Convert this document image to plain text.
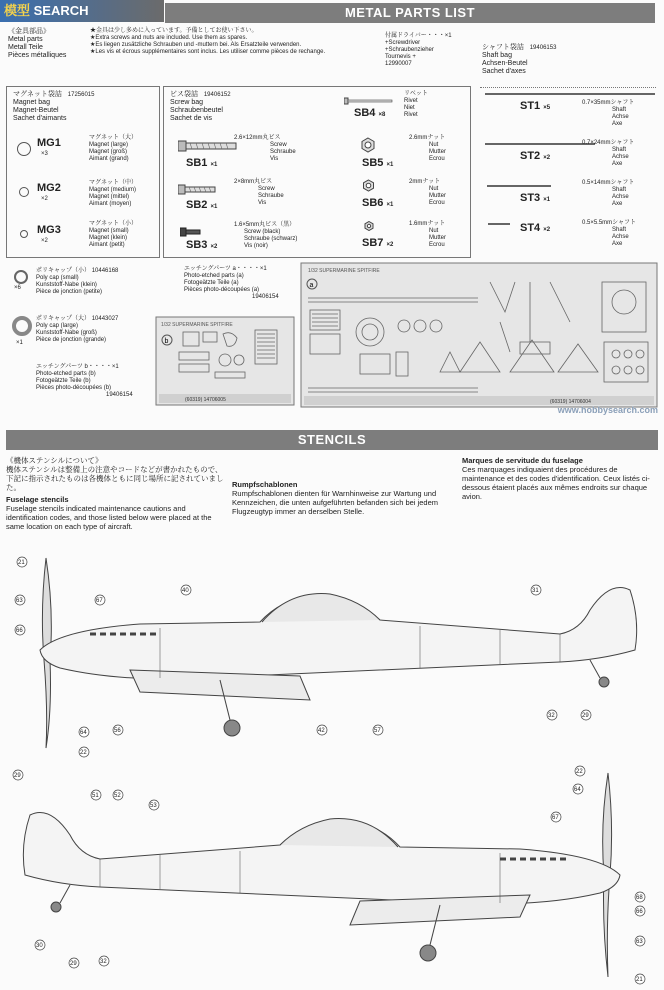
模型 SEARCH	METAL PARTS LIST
《金具部品》
Metal parts
Metall Teile
Pièces métalliques
★金具は少し多めに入っています。予備としてお使い下さい。
★Extra screws and nuts are included. Use them as spares.
★Es liegen zusätzliche Schrauben und -muttern bei. Als Ersatzteile verwenden.
★Les vis et écrous supplémentaires sont inclus. Les utiliser comme pièces de rechange.
付属ドライバー・・・×1
+Screwdriver
+Schraubenzieher
Tournevis +
12990007
マグネット袋詰 17256015
Magnet bag
Magnet-Beutel
Sachet d'aimants
MG1
×3
マグネット（大）
Magnet (large)
Magnet (groß)
Aimant (grand)
MG2
×2
マグネット（中）
Magnet (medium)
Magnet (mittel)
Aimant (moyen)
MG3
×2
マグネット（小）
Magnet (small)
Magnet (klein)
Aimant (petit)
ビス袋詰 19406152
Screw bag
Schraubenbeutel
Sachet de vis
SB1 ×1
2.6×12mm丸ビス
Screw
Schraube
Vis
SB2 ×1
2×8mm丸ビス
Screw
Schraube
Vis
SB3 ×2
1.6×5mm丸ビス（黒）
Screw (black)
Schraube (schwarz)
Vis (noir)
SB4 ×8
リベット
Rivet
Niet
Rivet
SB5 ×1
2.6mmナット
Nut
Mutter
Ecrou
SB6 ×1
2mmナット
Nut
Mutter
Ecrou
SB7 ×2
1.6mmナット
Nut
Mutter
Ecrou
シャフト袋詰 19406153
Shaft bag
Achsen-Beutel
Sachet d'axes
ST1 ×5
0.7×35mmシャフト
Shaft
Achse
Axe
ST2 ×2
0.7×24mmシャフト
Shaft
Achse
Axe
ST3 ×1
0.5×14mmシャフト
Shaft
Achse
Axe
ST4 ×2
0.5×5.5mmシャフト
Shaft
Achse
Axe
×6
ポリキャップ（小） 10446168
Poly cap (small)
Kunststoff-Nabe (klein)
Pièce de jonction (petite)
×1
ポリキャップ（大） 10443027
Poly cap (large)
Kunststoff-Nabe (groß)
Pièce de jonction (grande)
エッチングパーツ b・・・・×1
Photo-etched parts (b)
Fotogeätzte Teile (b)
Pièces photo-découpées (b)
19406154
エッチングパーツ a・・・・×1
Photo-etched parts (a)
Fotogeätzte Teile (a)
Pièces photo-découpées (a)
19406154
1/32 SUPERMARINE SPITFIRE
b
(60319) 14706005
1/32 SUPERMARINE SPITFIRE
a
(60319) 14706004
STENCILS
《機体ステンシルについて》
機体ステンシルは整備上の注意やコードなどが書かれたもので、下記に指示されたものは各機体ともに同じ場所に記されていました。
Fuselage stencils
Fuselage stencils indicated maintenance cautions and identification codes, and those listed below were placed at the same location on each type of aircraft.
Rumpfschablonen
Rumpfschablonen dienten für Warnhinweise zur Wartung und Kennzeichen, die unten aufgeführten befanden sich bei jedem Flugzeugtyp immer an derselben Stelle.
Marques de servitude du fuselage
Ces marquages indiquaient des procédures de maintenance et des codes d'identification. Ceux listés ci-dessous étaient placés aux mêmes endroits sur chaque avion.
21
63
66
67
40
56
64
22
42	57
31
32	29
29
51	52
53
30
29	32
22
64
67
68
66
63
21
www.hobbysearch.com
